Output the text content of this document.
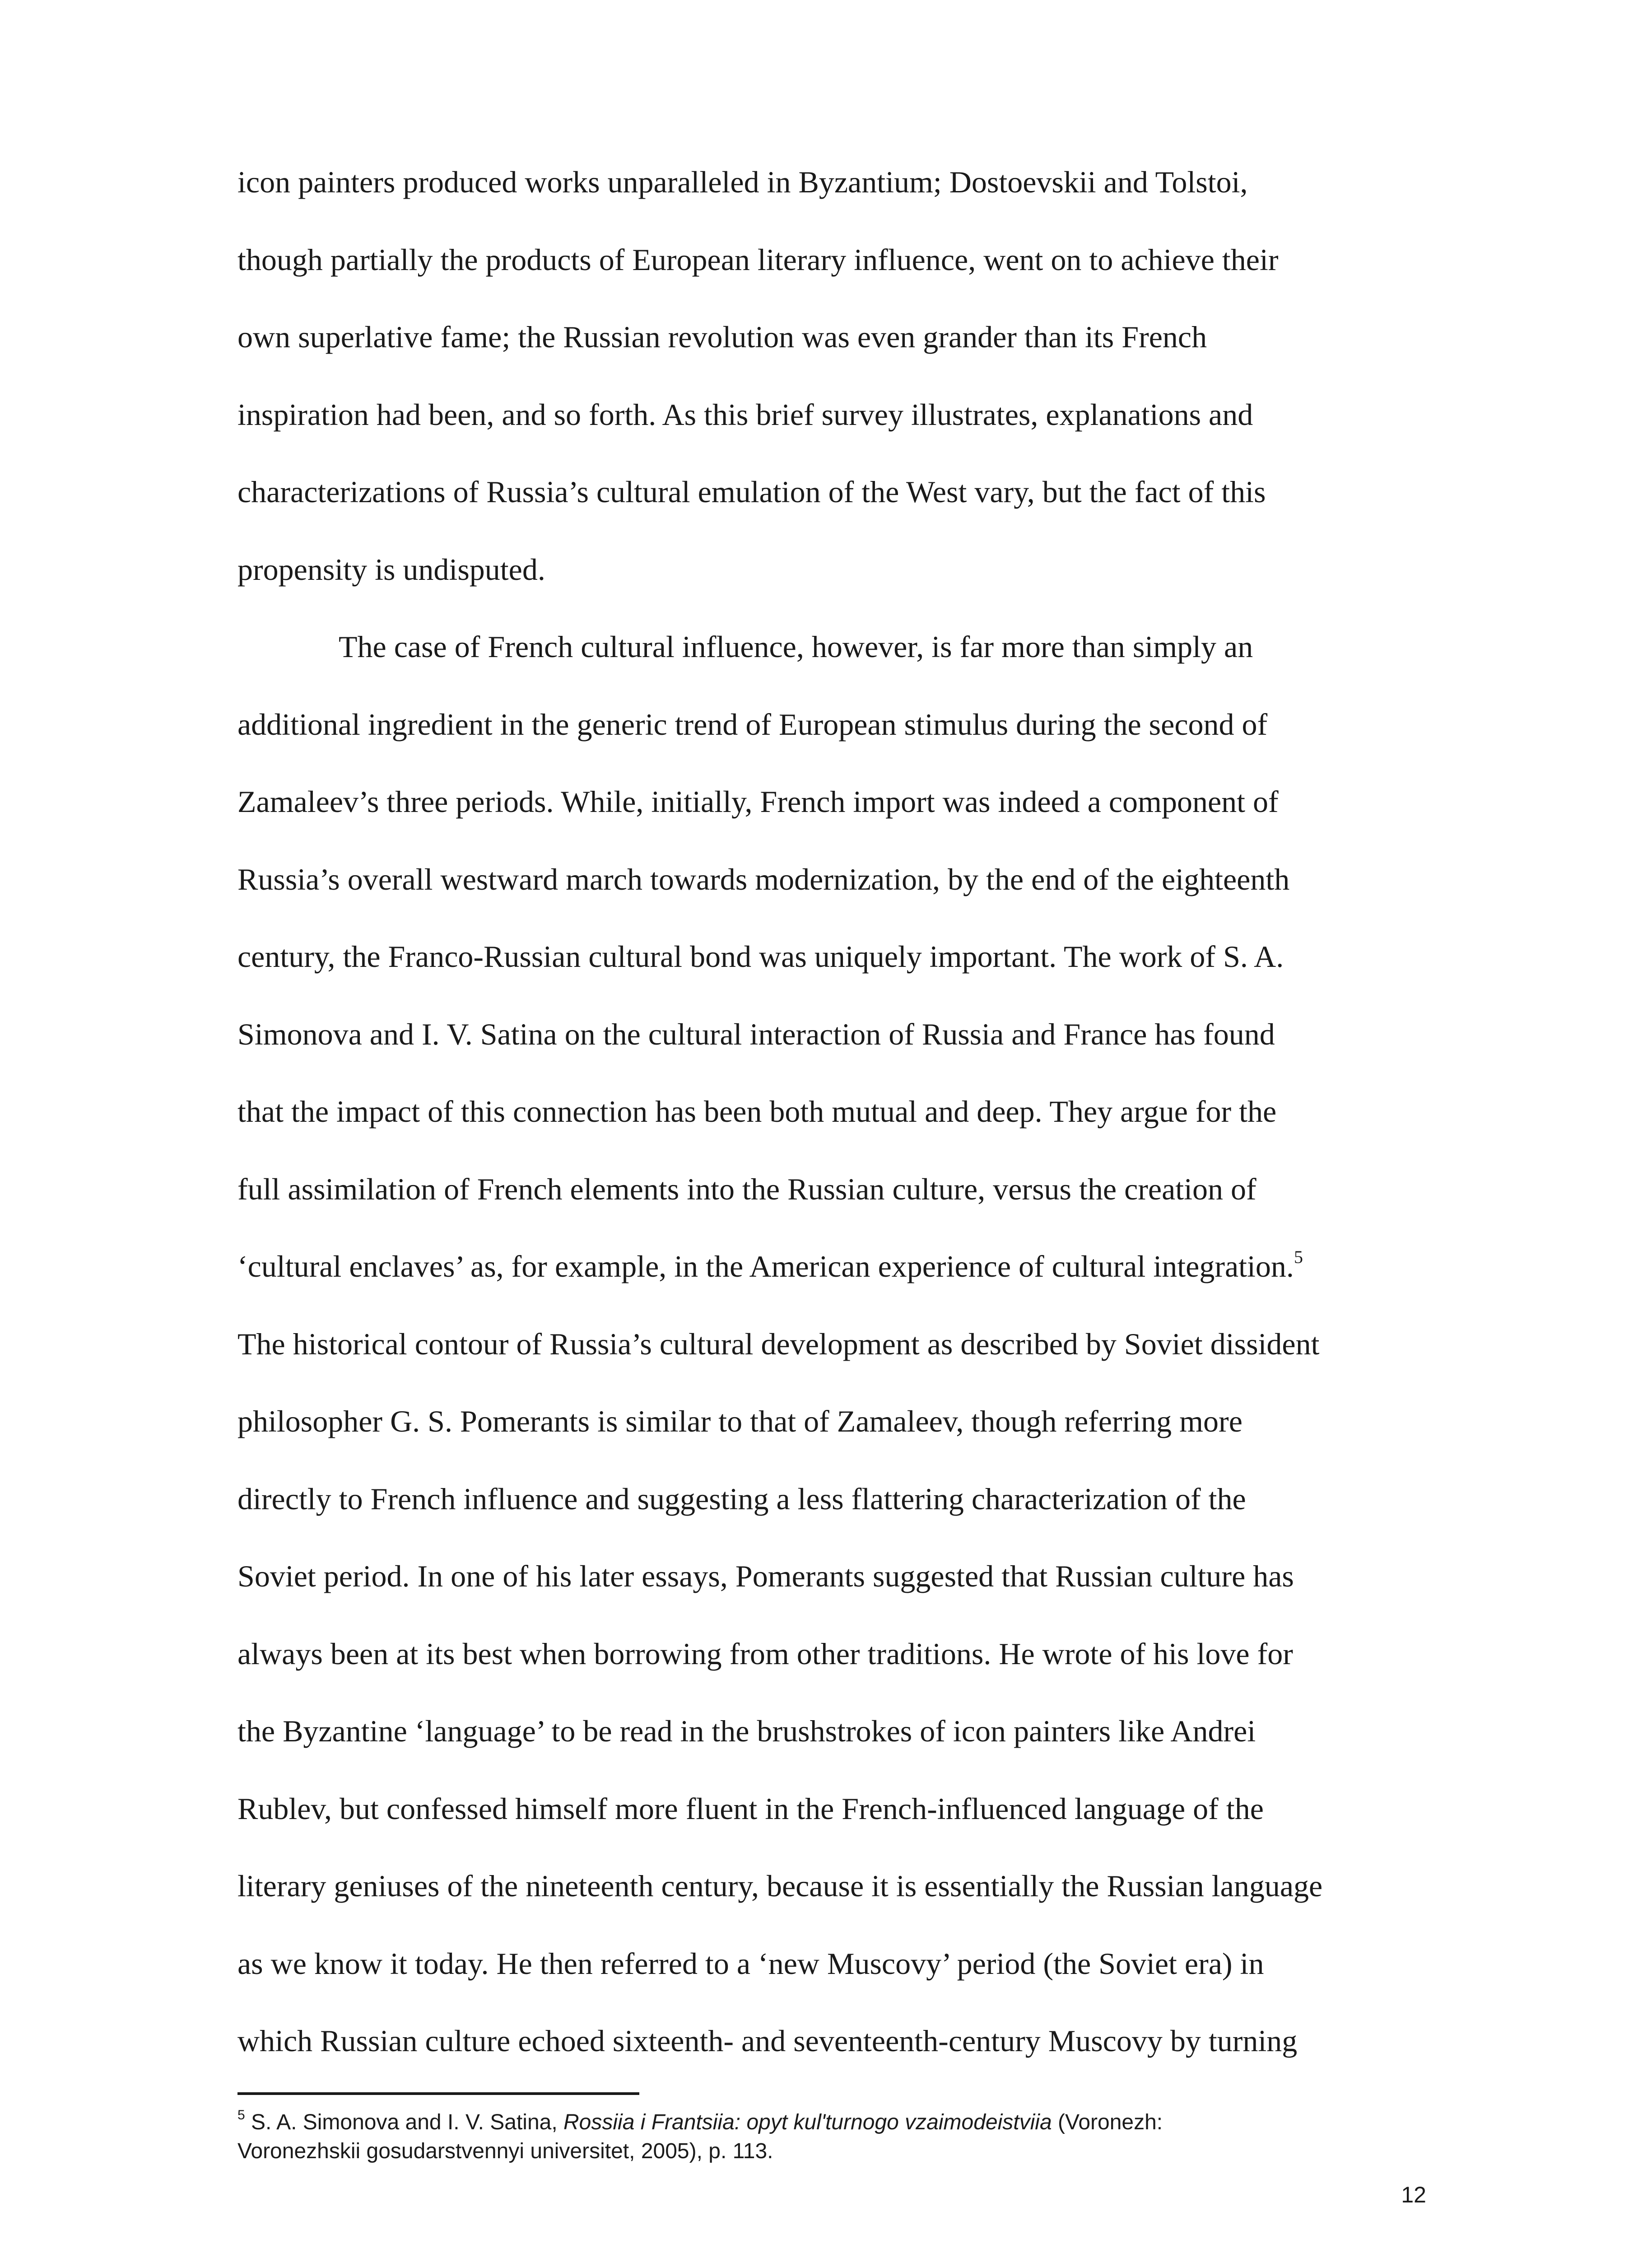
icon painters produced works unparalleled in Byzantium; Dostoevskii and Tolstoi,
though partially the products of European literary influence, went on to achieve their
own superlative fame; the Russian revolution was even grander than its French
inspiration had been, and so forth. As this brief survey illustrates, explanations and
characterizations of Russia’s cultural emulation of the West vary, but the fact of this
propensity is undisputed.
The case of French cultural influence, however, is far more than simply an
additional ingredient in the generic trend of European stimulus during the second of
Zamaleev’s three periods. While, initially, French import was indeed a component of
Russia’s overall westward march towards modernization, by the end of the eighteenth
century, the Franco-Russian cultural bond was uniquely important. The work of S. A.
Simonova and I. V. Satina on the cultural interaction of Russia and France has found
that the impact of this connection has been both mutual and deep. They argue for the
full assimilation of French elements into the Russian culture, versus the creation of
‘cultural enclaves’ as, for example, in the American experience of cultural integration.$^5$
The historical contour of Russia’s cultural development as described by Soviet dissident
philosopher G. S. Pomerants is similar to that of Zamaleev, though referring more
directly to French influence and suggesting a less flattering characterization of the
Soviet period. In one of his later essays, Pomerants suggested that Russian culture has
always been at its best when borrowing from other traditions. He wrote of his love for
the Byzantine ‘language’ to be read in the brushstrokes of icon painters like Andrei
Rublev, but confessed himself more fluent in the French-influenced language of the
literary geniuses of the nineteenth century, because it is essentially the Russian language
as we know it today. He then referred to a ‘new Muscovy’ period (the Soviet era) in
which Russian culture echoed sixteenth- and seventeenth-century Muscovy by turning
$^5$ S. A. Simonova and I. V. Satina, Rossiia i Frantsiia: opyt kul'turnogo vzaimodeistviia (Voronezh:
Voronezhskii gosudarstvennyi universitet, 2005), p. 113.
12
